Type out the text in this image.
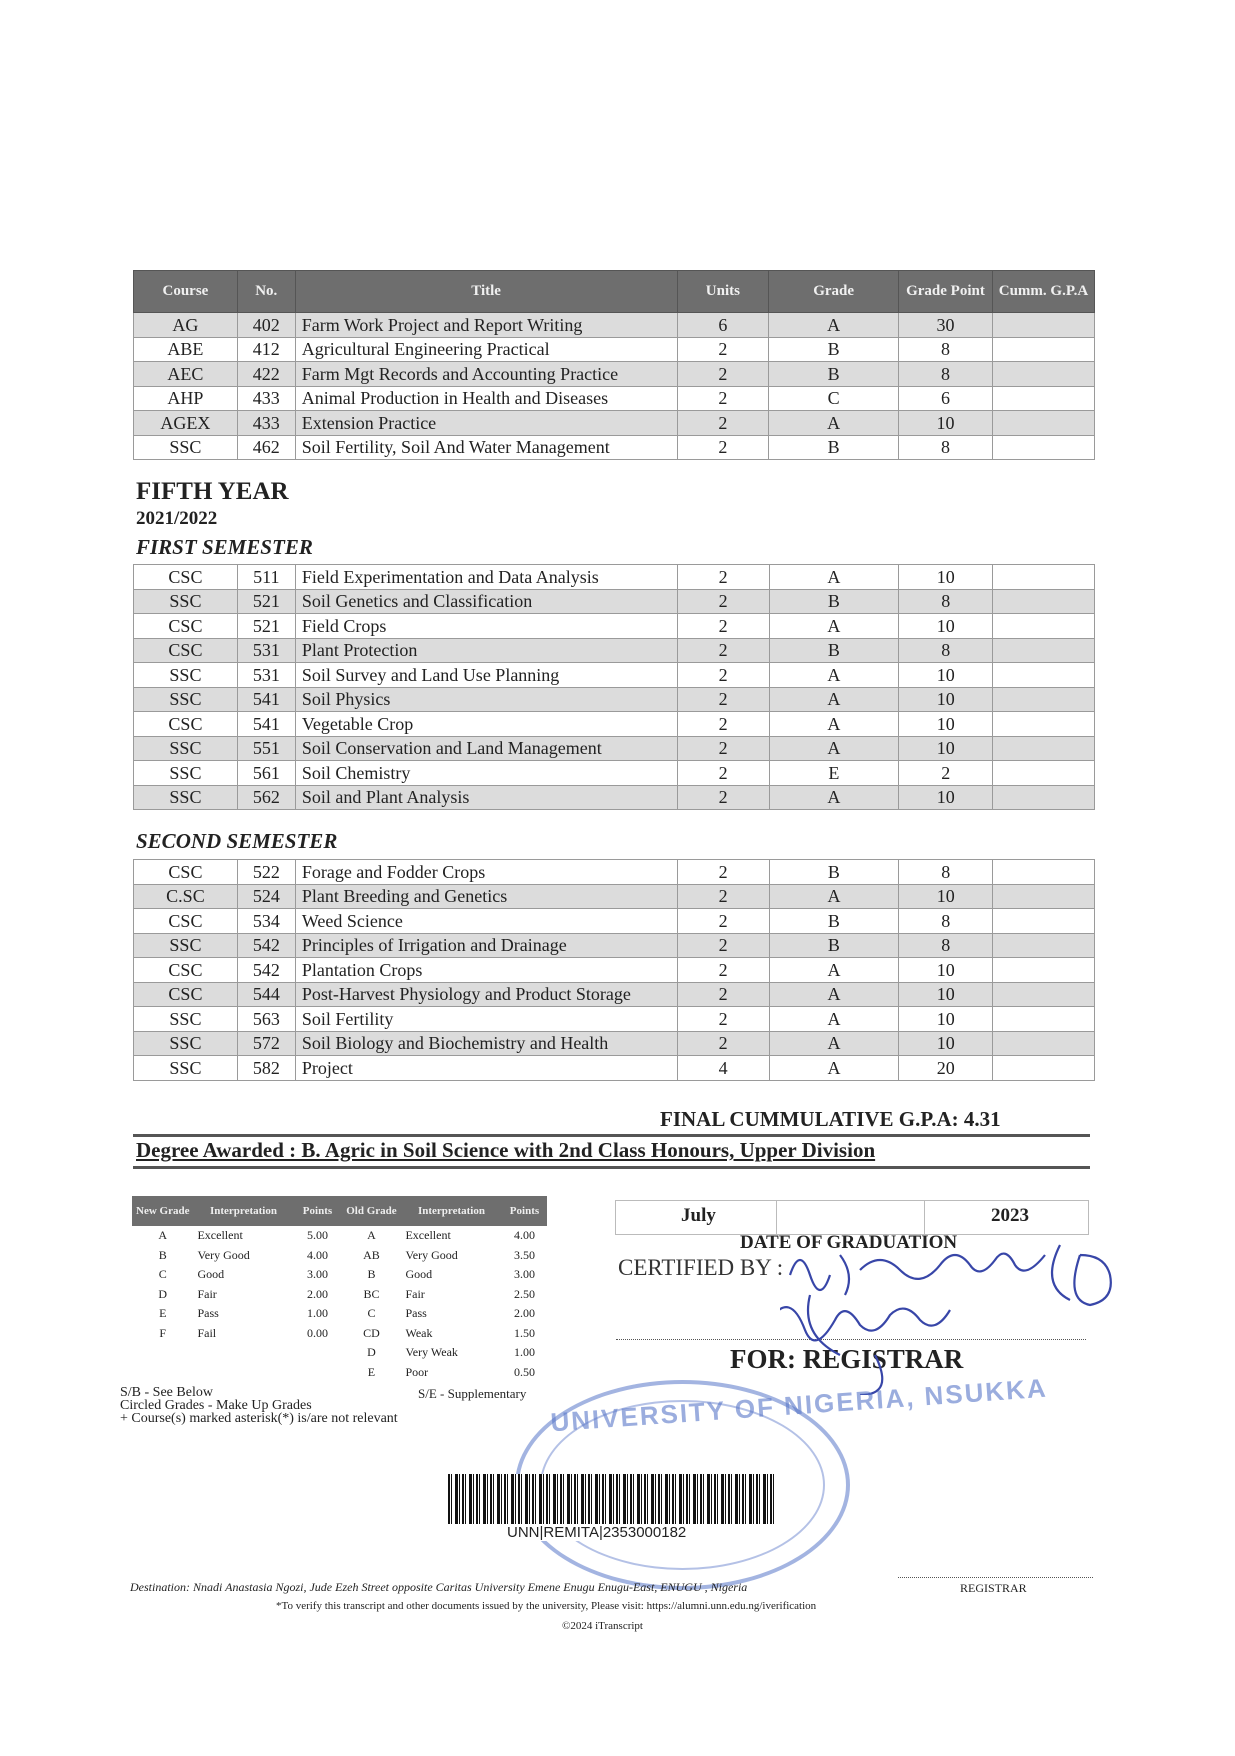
Course	No.	Title	Units	Grade	Grade Point	Cumm. G.P.A
AG	402	Farm Work Project and Report Writing	6	A	30	
ABE	412	Agricultural Engineering Practical	2	B	8	
AEC	422	Farm Mgt Records and Accounting Practice	2	B	8	
AHP	433	Animal Production in Health and Diseases	2	C	6	
AGEX	433	Extension Practice	2	A	10	
SSC	462	Soil Fertility, Soil And Water Management	2	B	8	
FIFTH YEAR
2021/2022
FIRST SEMESTER
CSC	511	Field Experimentation and Data Analysis	2	A	10	
SSC	521	Soil Genetics and Classification	2	B	8	
CSC	521	Field Crops	2	A	10	
CSC	531	Plant Protection	2	B	8	
SSC	531	Soil Survey and Land Use Planning	2	A	10	
SSC	541	Soil Physics	2	A	10	
CSC	541	Vegetable Crop	2	A	10	
SSC	551	Soil Conservation and Land Management	2	A	10	
SSC	561	Soil Chemistry	2	E	2	
SSC	562	Soil and Plant Analysis	2	A	10	
SECOND SEMESTER
CSC	522	Forage and Fodder Crops	2	B	8	
C.SC	524	Plant Breeding and Genetics	2	A	10	
CSC	534	Weed Science	2	B	8	
SSC	542	Principles of Irrigation and Drainage	2	B	8	
CSC	542	Plantation Crops	2	A	10	
CSC	544	Post-Harvest Physiology and Product Storage	2	A	10	
SSC	563	Soil Fertility	2	A	10	
SSC	572	Soil Biology and Biochemistry and Health	2	A	10	
SSC	582	Project	4	A	20	
FINAL CUMMULATIVE G.P.A: 4.31
Degree Awarded : B. Agric in Soil Science with 2nd Class Honours, Upper Division
New Grade	Interpretation	Points	Old Grade	Interpretation	Points
A	Excellent	5.00	A	Excellent	4.00
B	Very Good	4.00	AB	Very Good	3.50
C	Good	3.00	B	Good	3.00
D	Fair	2.00	BC	Fair	2.50
E	Pass	1.00	C	Pass	2.00
F	Fail	0.00	CD	Weak	1.50
			D	Very Weak	1.00
			E	Poor	0.50
S/B - See Below
Circled Grades - Make Up Grades
+ Course(s) marked asterisk(*) is/are not relevant
S/E - Supplementary
July	2023
DATE OF GRADUATION
CERTIFIED BY :
FOR: REGISTRAR
UNIVERSITY OF NIGERIA, NSUKKA
UNN|REMITA|2353000182
Destination: Nnadi Anastasia Ngozi, Jude Ezeh Street opposite Caritas University Emene Enugu Enugu-East, ENUGU , Nigeria	REGISTRAR
*To verify this transcript and other documents issued by the university, Please visit: https://alumni.unn.edu.ng/iverification
©2024 iTranscript
